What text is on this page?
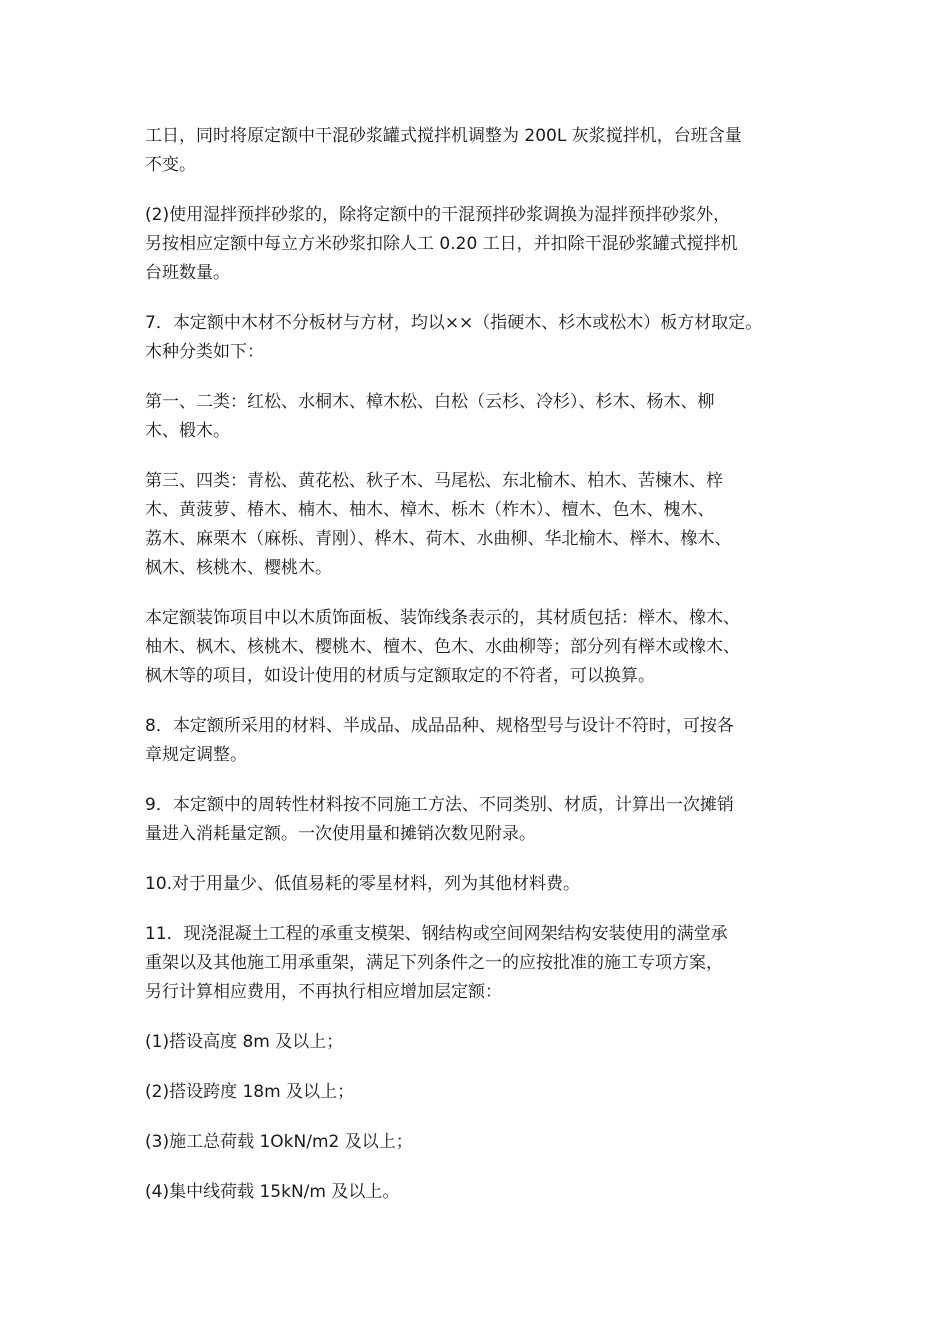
工日，同时将原定额中干混砂浆罐式搅拌机调整为 200L 灰浆搅拌机，台班含量
不变。

(2)使用湿拌预拌砂浆的，除将定额中的干混预拌砂浆调换为湿拌预拌砂浆外，
另按相应定额中每立方米砂浆扣除人工 0.20 工日，并扣除干混砂浆罐式搅拌机
台班数量。

7．本定额中木材不分板材与方材，均以××（指硬木、杉木或松木）板方材取定。
木种分类如下：

第一、二类：红松、水桐木、樟木松、白松（云杉、冷杉）、杉木、杨木、柳
木、椴木。

第三、四类：青松、黄花松、秋子木、马尾松、东北榆木、柏木、苦楝木、梓
木、黄菠萝、椿木、楠木、柚木、樟木、栎木（柞木）、檀木、色木、槐木、
荔木、麻栗木（麻栎、青刚）、桦木、荷木、水曲柳、华北榆木、榉木、橡木、
枫木、核桃木、樱桃木。

本定额装饰项目中以木质饰面板、装饰线条表示的，其材质包括：榉木、橡木、
柚木、枫木、核桃木、樱桃木、檀木、色木、水曲柳等；部分列有榉木或橡木、
枫木等的项目，如设计使用的材质与定额取定的不符者，可以换算。

8．本定额所采用的材料、半成品、成品品种、规格型号与设计不符时，可按各
章规定调整。

9．本定额中的周转性材料按不同施工方法、不同类别、材质，计算出一次摊销
量进入消耗量定额。一次使用量和摊销次数见附录。

10.对于用量少、低值易耗的零星材料，列为其他材料费。

11．现浇混凝土工程的承重支模架、钢结构或空间网架结构安装使用的满堂承
重架以及其他施工用承重架，满足下列条件之一的应按批准的施工专项方案，
另行计算相应费用，不再执行相应增加层定额：

(1)搭设高度 8m 及以上；

(2)搭设跨度 18m 及以上；

(3)施工总荷载 1OkN/m2 及以上；

(4)集中线荷载 15kN/m 及以上。
